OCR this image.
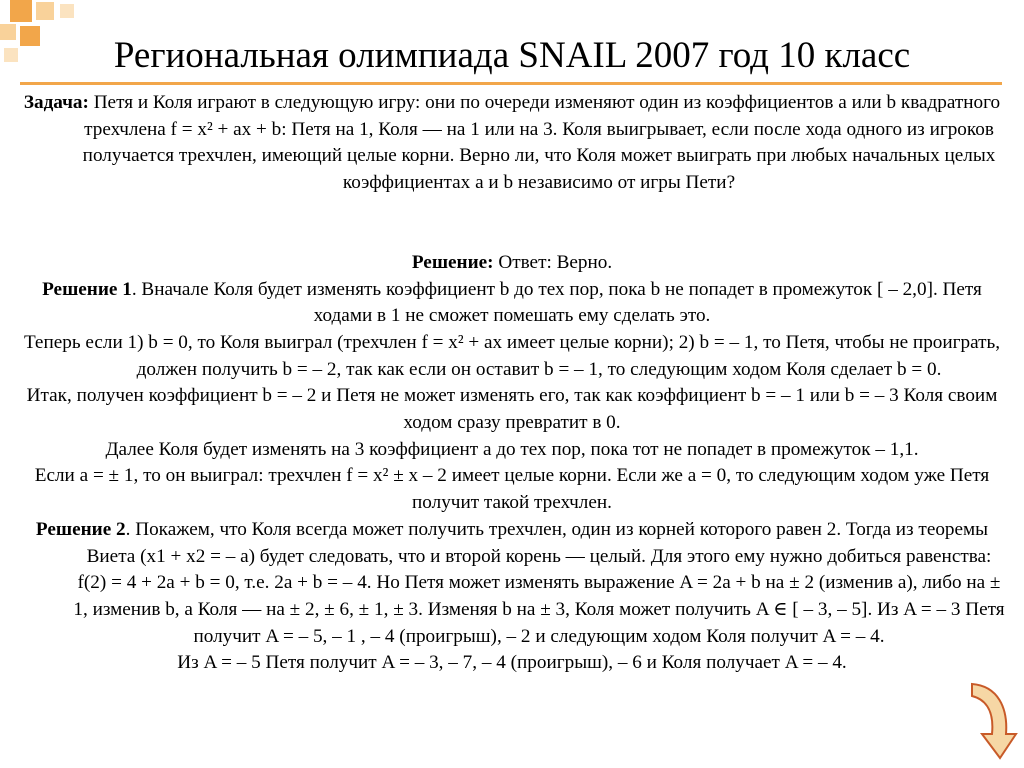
Региональная олимпиада SNAIL 2007 год 10 класс

Задача: Петя и Коля играют в следующую игру: они по очереди изменяют один из коэффициентов a или b квадратного трехчлена f = x² + ax + b: Петя на 1, Коля — на 1 или на 3. Коля выигрывает, если после хода одного из игроков получается трехчлен, имеющий целые корни. Верно ли, что Коля может выиграть при любых начальных целых коэффициентах a и b независимо от игры Пети?

Решение: Ответ: Верно.

Решение 1. Вначале Коля будет изменять коэффициент b до тех пор, пока b не попадет в промежуток [ – 2,0]. Петя ходами в 1 не сможет помешать ему сделать это.

Теперь если 1) b = 0, то Коля выиграл (трехчлен f = x² + ax имеет целые корни); 2) b = – 1, то Петя, чтобы не проиграть, должен получить b = – 2, так как если он оставит b = – 1, то следующим ходом Коля сделает b = 0.

Итак, получен коэффициент b = – 2 и Петя не может изменять его, так как коэффициент b = – 1 или b = – 3 Коля своим ходом сразу превратит в 0.

Далее Коля будет изменять на 3 коэффициент a до тех пор, пока тот не попадет в промежуток – 1,1.

Если a = ± 1, то он выиграл: трехчлен f = x² ± x – 2 имеет целые корни. Если же a = 0, то следующим ходом уже Петя получит такой трехчлен.

Решение 2. Покажем, что Коля всегда может получить трехчлен, один из корней которого равен 2. Тогда из теоремы Виета (x1 + x2 = – a) будет следовать, что и второй корень — целый. Для этого ему нужно добиться равенства: f(2) = 4 + 2a + b = 0, т.е. 2a + b = – 4. Но Петя может изменять выражение A = 2a + b на ± 2 (изменив a), либо на ± 1, изменив b, а Коля — на ± 2, ± 6, ± 1, ± 3. Изменяя b на ± 3, Коля может получить A ∈ [ – 3, – 5]. Из A = – 3 Петя получит A = – 5, – 1 , – 4 (проигрыш), – 2 и следующим ходом Коля получит A = – 4.

Из A = – 5 Петя получит A = – 3, – 7, – 4 (проигрыш), – 6 и Коля получает A = – 4.
